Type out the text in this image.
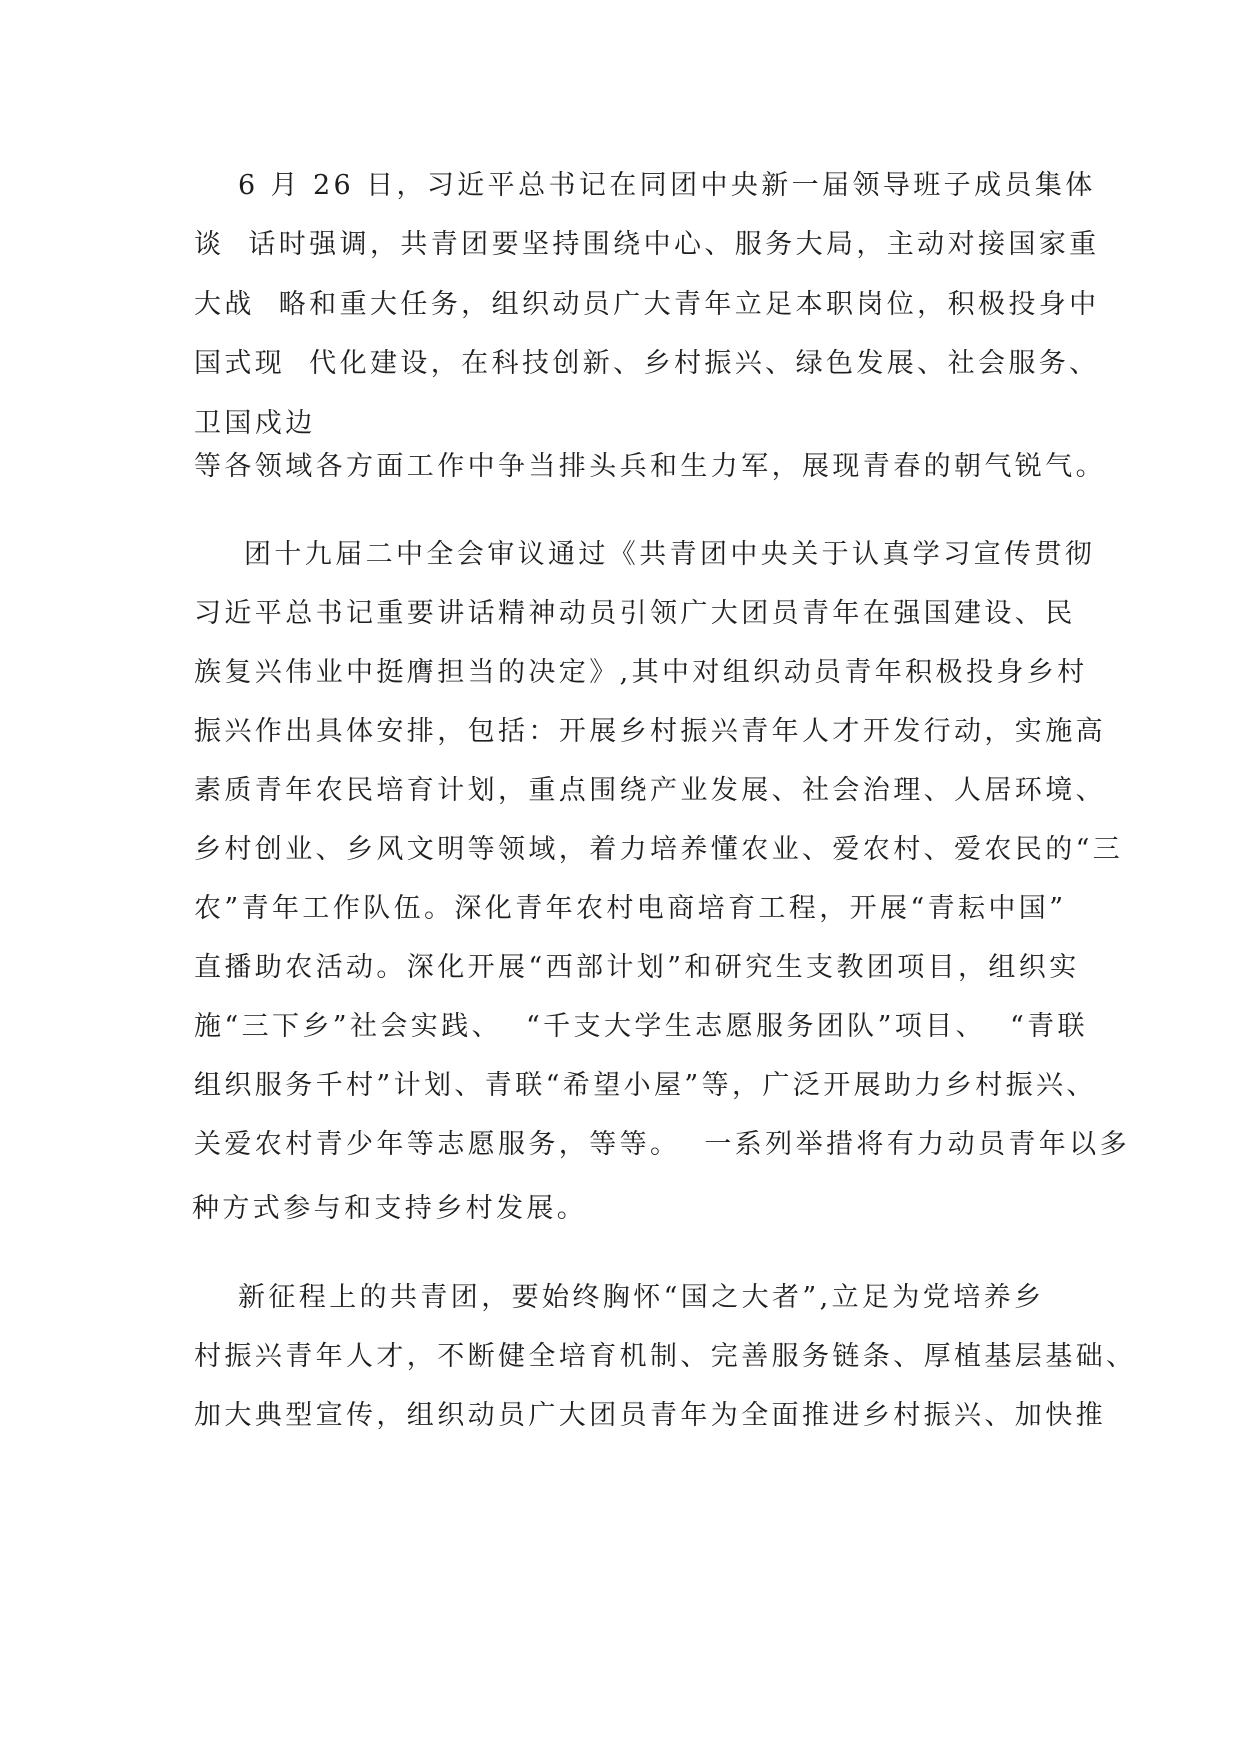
6 月 26 日，习近平总书记在同团中央新一届领导班子成员集体
谈  话时强调，共青团要坚持围绕中心、服务大局，主动对接国家重
大战  略和重大任务，组织动员广大青年立足本职岗位，积极投身中
国式现  代化建设，在科技创新、乡村振兴、绿色发展、社会服务、
卫国戍边
等各领域各方面工作中争当排头兵和生力军，展现青春的朝气锐气。
团十九届二中全会审议通过《共青团中央关于认真学习宣传贯彻
习近平总书记重要讲话精神动员引领广大团员青年在强国建设、民
族复兴伟业中挺膺担当的决定》,其中对组织动员青年积极投身乡村
振兴作出具体安排，包括：开展乡村振兴青年人才开发行动，实施高
素质青年农民培育计划，重点围绕产业发展、社会治理、人居环境、
乡村创业、乡风文明等领域，着力培养懂农业、爱农村、爱农民的“三
农”青年工作队伍。深化青年农村电商培育工程，开展“青耘中国”
直播助农活动。深化开展“西部计划”和研究生支教团项目，组织实
施“三下乡”社会实践、  “千支大学生志愿服务团队”项目、  “青联
组织服务千村”计划、青联“希望小屋”等，广泛开展助力乡村振兴、
关爱农村青少年等志愿服务，等等。  一系列举措将有力动员青年以多
种方式参与和支持乡村发展。
新征程上的共青团，要始终胸怀“国之大者”,立足为党培养乡
村振兴青年人才，不断健全培育机制、完善服务链条、厚植基层基础、
加大典型宣传，组织动员广大团员青年为全面推进乡村振兴、加快推
